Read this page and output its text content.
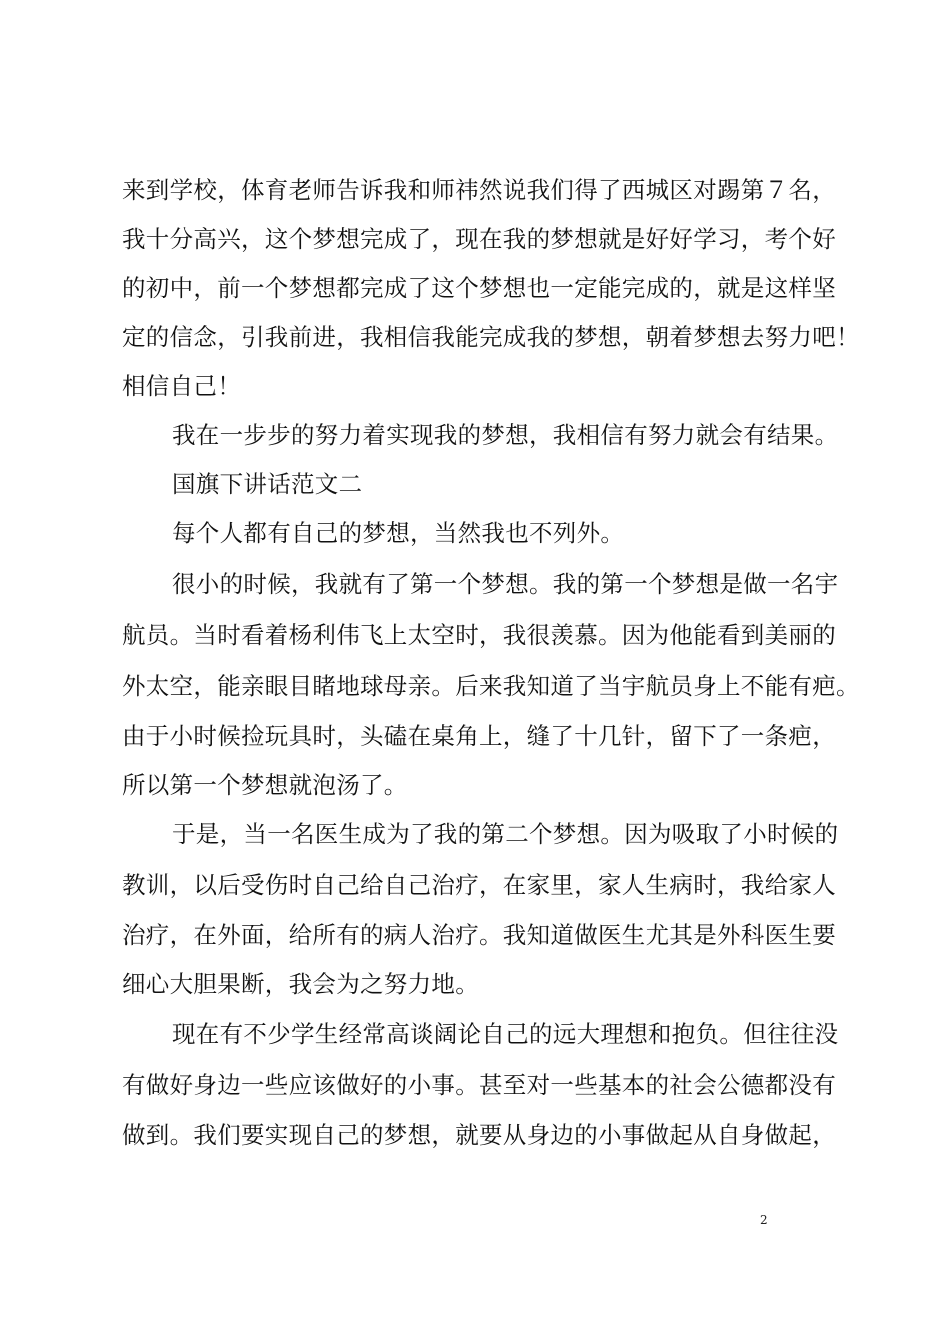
来到学校，体育老师告诉我和师祎然说我们得了西城区对踢第７名，
我十分高兴，这个梦想完成了，现在我的梦想就是好好学习，考个好
的初中，前一个梦想都完成了这个梦想也一定能完成的，就是这样坚
定的信念，引我前进，我相信我能完成我的梦想，朝着梦想去努力吧！
相信自己！
我在一步步的努力着实现我的梦想，我相信有努力就会有结果。
国旗下讲话范文二
每个人都有自己的梦想，当然我也不列外。
很小的时候，我就有了第一个梦想。我的第一个梦想是做一名宇
航员。当时看着杨利伟飞上太空时，我很羡慕。因为他能看到美丽的
外太空，能亲眼目睹地球母亲。后来我知道了当宇航员身上不能有疤。
由于小时候捡玩具时，头磕在桌角上，缝了十几针，留下了一条疤，
所以第一个梦想就泡汤了。
于是，当一名医生成为了我的第二个梦想。因为吸取了小时候的
教训，以后受伤时自己给自己治疗，在家里，家人生病时，我给家人
治疗，在外面，给所有的病人治疗。我知道做医生尤其是外科医生要
细心大胆果断，我会为之努力地。
现在有不少学生经常高谈阔论自己的远大理想和抱负。但往往没
有做好身边一些应该做好的小事。甚至对一些基本的社会公德都没有
做到。我们要实现自己的梦想，就要从身边的小事做起从自身做起，
2
